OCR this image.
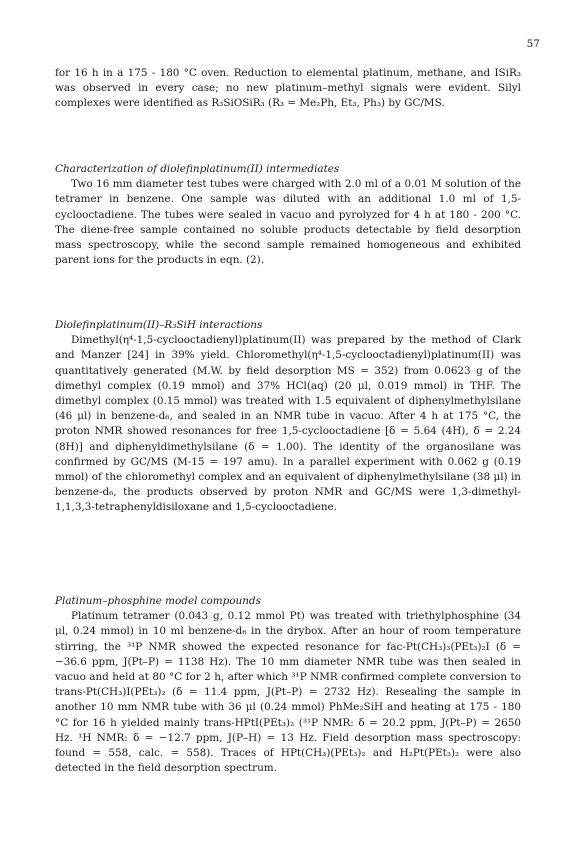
57

for 16 h in a 175 - 180 °C oven. Reduction to elemental platinum, methane, and ISiR₃ was observed in every case; no new platinum–methyl signals were evident. Silyl complexes were identified as R₃SiOSiR₃ (R₃ = Me₂Ph, Et₃, Ph₃) by GC/MS.

Characterization of diolefinplatinum(II) intermediates

Two 16 mm diameter test tubes were charged with 2.0 ml of a 0.01 M solution of the tetramer in benzene. One sample was diluted with an additional 1.0 ml of 1,5-cyclooctadiene. The tubes were sealed in vacuo and pyrolyzed for 4 h at 180 - 200 °C. The diene-free sample contained no soluble products detectable by field desorption mass spectroscopy, while the second sample remained homogeneous and exhibited parent ions for the products in eqn. (2).

Diolefinplatinum(II)–R₃SiH interactions

Dimethyl(η⁴-1,5-cyclooctadienyl)platinum(II) was prepared by the method of Clark and Manzer [24] in 39% yield. Chloromethyl(η⁴-1,5-cyclooctadienyl)platinum(II) was quantitatively generated (M.W. by field desorption MS = 352) from 0.0623 g of the dimethyl complex (0.19 mmol) and 37% HCl(aq) (20 μl, 0.019 mmol) in THF. The dimethyl complex (0.15 mmol) was treated with 1.5 equivalent of diphenylmethylsilane (46 μl) in benzene-d₆, and sealed in an NMR tube in vacuo. After 4 h at 175 °C, the proton NMR showed resonances for free 1,5-cyclooctadiene [δ = 5.64 (4H), δ = 2.24 (8H)] and diphenyldimethylsilane (δ = 1.00). The identity of the organosilane was confirmed by GC/MS (M-15 = 197 amu). In a parallel experiment with 0.062 g (0.19 mmol) of the chloromethyl complex and an equivalent of diphenylmethylsilane (38 μl) in benzene-d₆, the products observed by proton NMR and GC/MS were 1,3-dimethyl-1,1,3,3-tetraphenyldisiloxane and 1,5-cyclooctadiene.

Platinum–phosphine model compounds

Platinum tetramer (0.043 g, 0.12 mmol Pt) was treated with triethylphosphine (34 μl, 0.24 mmol) in 10 ml benzene-d₆ in the drybox. After an hour of room temperature stirring, the ³¹P NMR showed the expected resonance for fac-Pt(CH₃)₃(PEt₃)₂I (δ = −36.6 ppm, J(Pt–P) = 1138 Hz). The 10 mm diameter NMR tube was then sealed in vacuo and held at 80 °C for 2 h, after which ³¹P NMR confirmed complete conversion to trans-Pt(CH₃)I(PEt₃)₂ (δ = 11.4 ppm, J(Pt–P) = 2732 Hz). Resealing the sample in another 10 mm NMR tube with 36 μl (0.24 mmol) PhMe₂SiH and heating at 175 - 180 °C for 16 h yielded mainly trans-HPtI(PEt₃)₂ (³¹P NMR: δ = 20.2 ppm, J(Pt–P) = 2650 Hz. ¹H NMR: δ = −12.7 ppm, J(P–H) = 13 Hz. Field desorption mass spectroscopy: found = 558, calc. = 558). Traces of HPt(CH₃)(PEt₃)₂ and H₂Pt(PEt₃)₂ were also detected in the field desorption spectrum.
